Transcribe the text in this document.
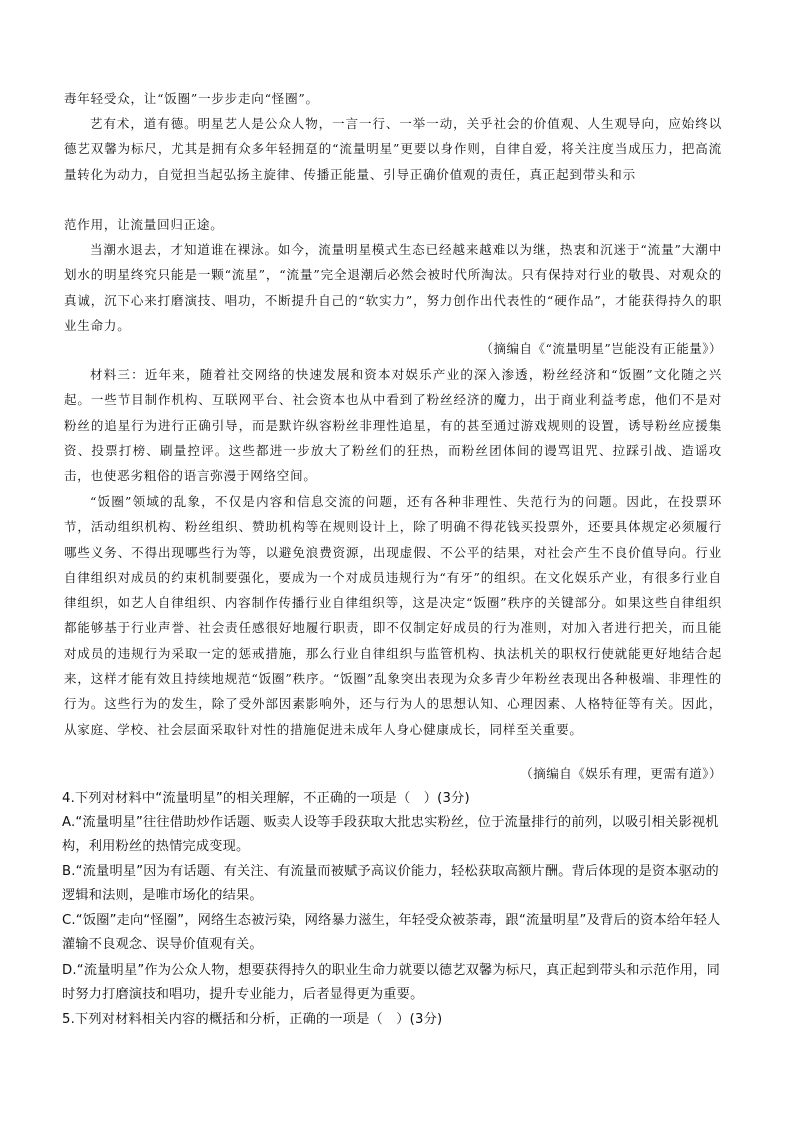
毒年轻受众，让“饭圈”一步步走向“怪圈”。

艺有术，道有德。明星艺人是公众人物，一言一行、一举一动，关乎社会的价值观、人生观导向，应始终以德艺双馨为标尺，尤其是拥有众多年轻拥趸的“流量明星”更要以身作则，自律自爱，将关注度当成压力，把高流量转化为动力，自觉担当起弘扬主旋律、传播正能量、引导正确价值观的责任，真正起到带头和示

范作用，让流量回归正途。

当潮水退去，才知道谁在裸泳。如今，流量明星模式生态已经越来越难以为继，热衷和沉迷于“流量”大潮中划水的明星终究只能是一颗“流星”，“流量”完全退潮后必然会被时代所淘汰。只有保持对行业的敬畏、对观众的真诚，沉下心来打磨演技、唱功，不断提升自己的“软实力”，努力创作出代表性的“硬作品”，才能获得持久的职业生命力。

（摘编自《“流量明星”岂能没有正能量》）

材料三：近年来，随着社交网络的快速发展和资本对娱乐产业的深入渗透，粉丝经济和“饭圈”文化随之兴起。一些节目制作机构、互联网平台、社会资本也从中看到了粉丝经济的魔力，出于商业利益考虑，他们不是对粉丝的追星行为进行正确引导，而是默许纵容粉丝非理性追星，有的甚至通过游戏规则的设置，诱导粉丝应援集资、投票打榜、刷量控评。这些都进一步放大了粉丝们的狂热，而粉丝团体间的谩骂诅咒、拉踩引战、造谣攻击，也使恶劣粗俗的语言弥漫于网络空间。

“饭圈”领域的乱象，不仅是内容和信息交流的问题，还有各种非理性、失范行为的问题。因此，在投票环节，活动组织机构、粉丝组织、赞助机构等在规则设计上，除了明确不得花钱买投票外，还要具体规定必须履行哪些义务、不得出现哪些行为等，以避免浪费资源，出现虚假、不公平的结果，对社会产生不良价值导向。行业自律组织对成员的约束机制要强化，要成为一个对成员违规行为“有牙”的组织。在文化娱乐产业，有很多行业自律组织，如艺人自律组织、内容制作传播行业自律组织等，这是决定“饭圈”秩序的关键部分。如果这些自律组织都能够基于行业声誉、社会责任感很好地履行职责，即不仅制定好成员的行为准则，对加入者进行把关，而且能对成员的违规行为采取一定的惩戒措施，那么行业自律组织与监管机构、执法机关的职权行使就能更好地结合起来，这样才能有效且持续地规范“饭圈”秩序。“饭圈”乱象突出表现为众多青少年粉丝表现出各种极端、非理性的行为。这些行为的发生，除了受外部因素影响外，还与行为人的思想认知、心理因素、人格特征等有关。因此，从家庭、学校、社会层面采取针对性的措施促进未成年人身心健康成长，同样至关重要。

（摘编自《娱乐有理，更需有道》）

4.下列对材料中“流量明星”的相关理解，不正确的一项是（　）(3分)

A.“流量明星”往往借助炒作话题、贩卖人设等手段获取大批忠实粉丝，位于流量排行的前列，以吸引相关影视机构，利用粉丝的热情完成变现。

B.“流量明星”因为有话题、有关注、有流量而被赋予高议价能力，轻松获取高额片酬。背后体现的是资本驱动的逻辑和法则，是唯市场化的结果。

C.“饭圈”走向“怪圈”，网络生态被污染，网络暴力滋生，年轻受众被荼毒，跟“流量明星”及背后的资本给年轻人灌输不良观念、误导价值观有关。

D.“流量明星”作为公众人物，想要获得持久的职业生命力就要以德艺双馨为标尺，真正起到带头和示范作用，同时努力打磨演技和唱功，提升专业能力，后者显得更为重要。

5.下列对材料相关内容的概括和分析，正确的一项是（　）(3分)
